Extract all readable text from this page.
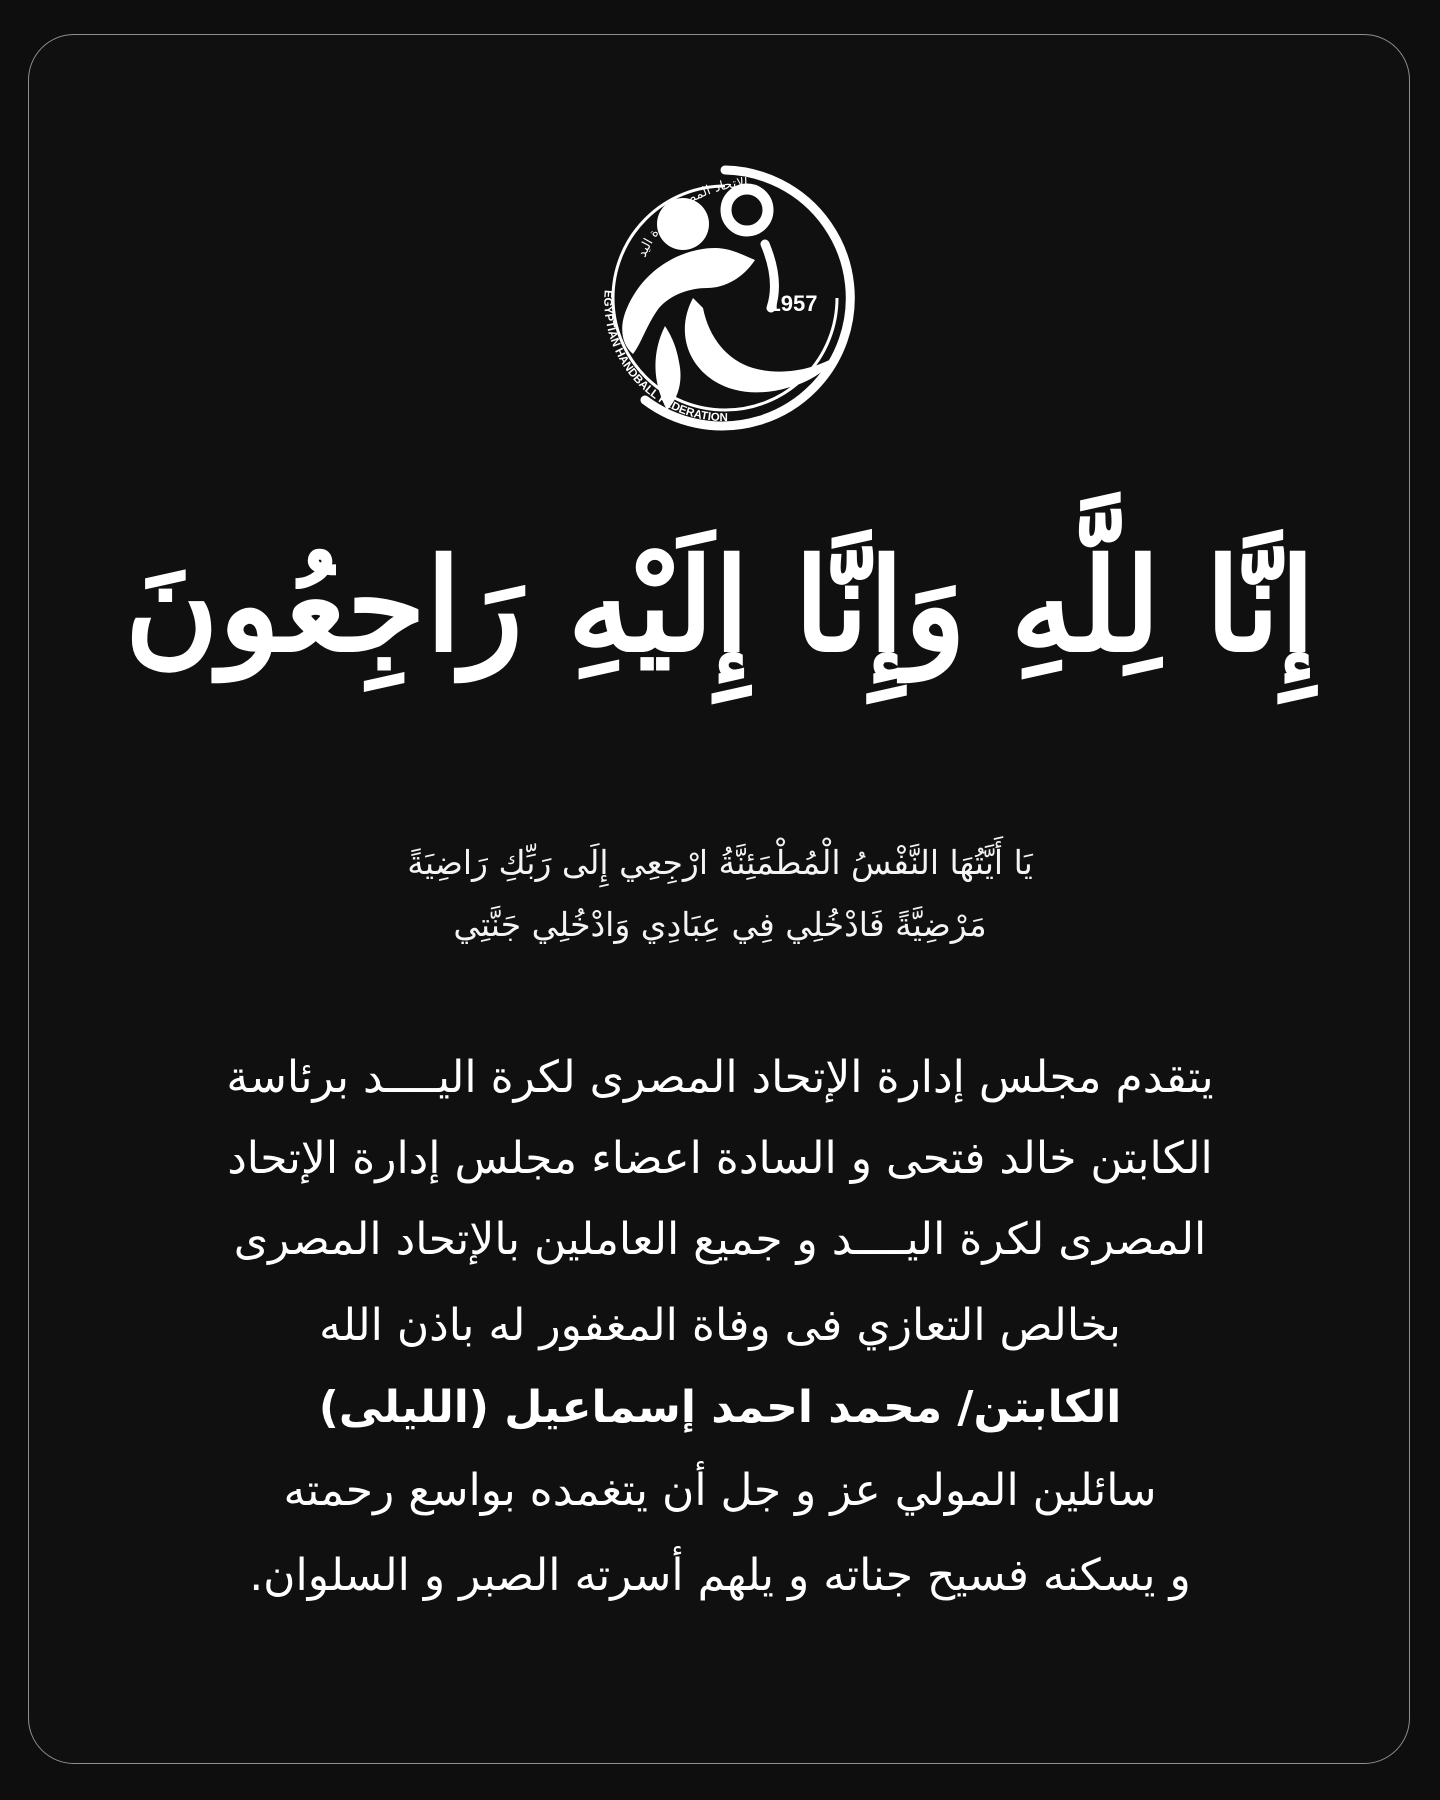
1957
الإتحاد المصرى لكرة اليد
EGYPTIAN HANDBALL FEDERATION
إِنَّا لِلَّهِ وَإِنَّا إِلَيْهِ رَاجِعُونَ
يَا أَيَّتُهَا النَّفْسُ الْمُطْمَئِنَّةُ ارْجِعِي إِلَى رَبِّكِ رَاضِيَةً
مَرْضِيَّةً فَادْخُلِي فِي عِبَادِي وَادْخُلِي جَنَّتِي
يتقدم مجلس إدارة الإتحاد المصرى لكرة اليــــد برئاسة
الكابتن خالد فتحى و السادة اعضاء مجلس إدارة الإتحاد
المصرى لكرة اليــــد و جميع العاملين بالإتحاد المصرى
بخالص التعازي فى وفاة المغفور له باذن الله
الكابتن/ محمد احمد إسماعيل (الليلى)
سائلين المولي عز و جل أن يتغمده بواسع رحمته
و يسكنه فسيح جناته و يلهم أسرته الصبر و السلوان.
